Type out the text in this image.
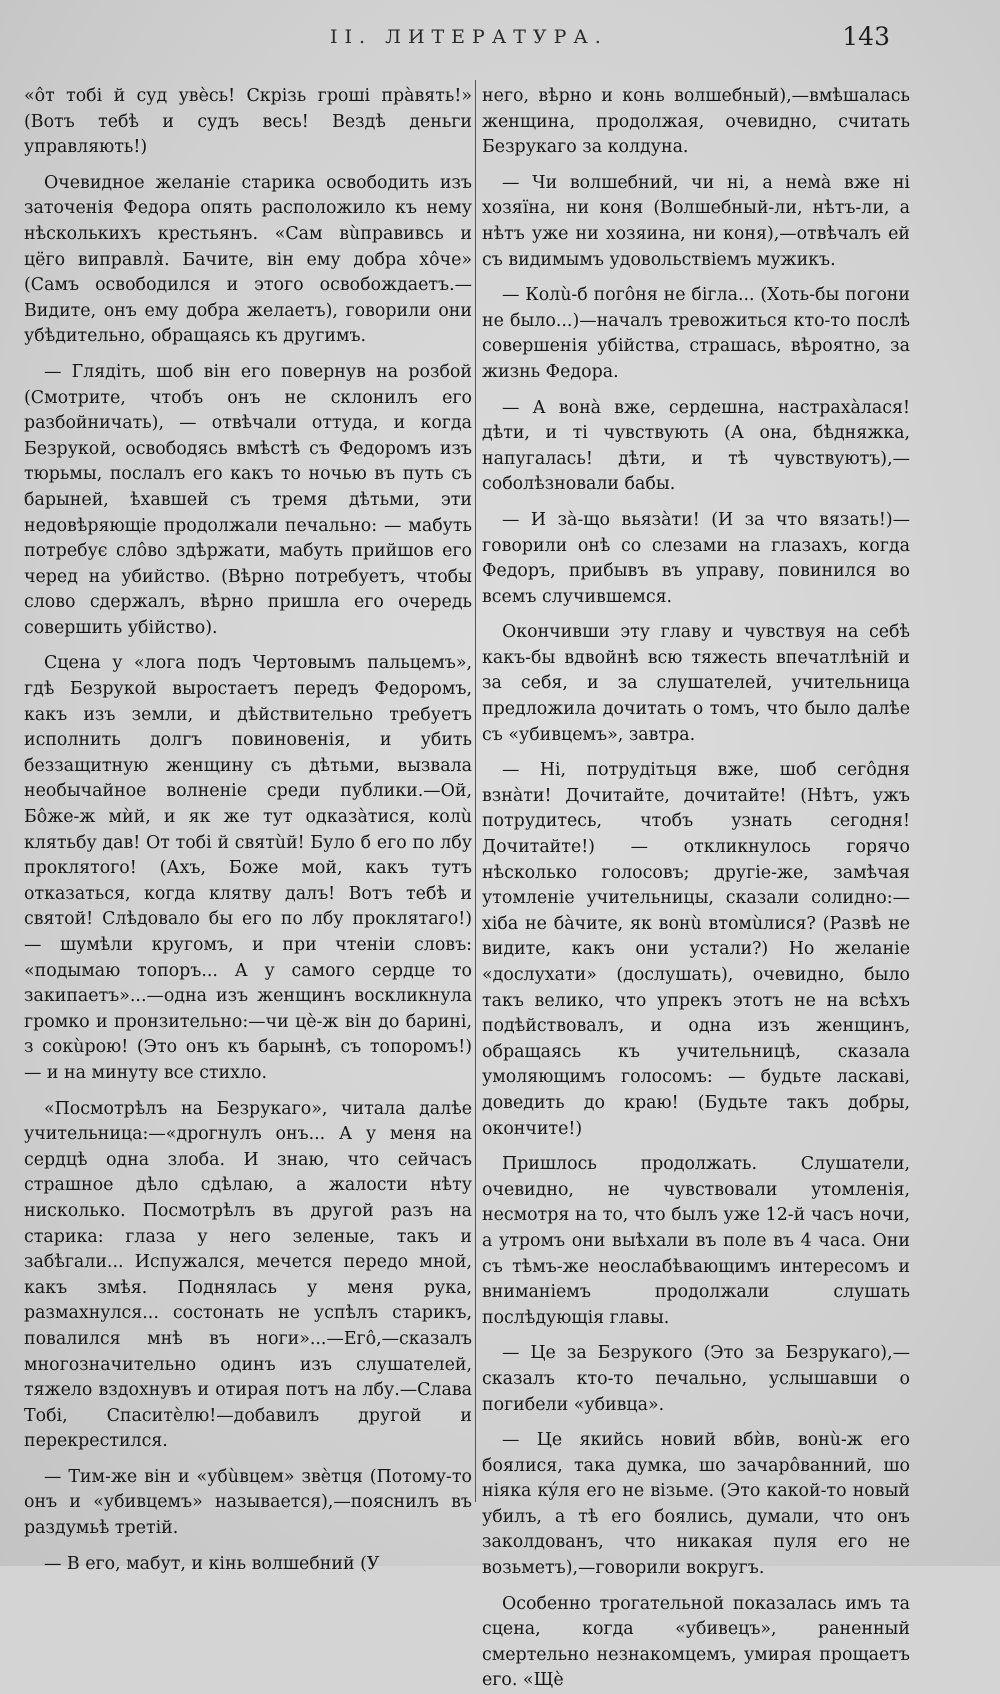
II. ЛИТЕРАТУРА.	143

«ôт тобі й суд увèсь! Скрізь гроші прàвять!» (Вотъ тебѣ и судъ весь! Вездѣ деньги управляють!)

Очевидное желаніе старика освободить изъ заточенія Федора опять расположило къ нему нѣсколькихъ крестьянъ. «Сам вùправивсь и цёго виправля̀. Бачите, він ему добра хôче» (Самъ освободился и этого освобождаетъ.—Видите, онъ ему добра желаетъ), говорили они убѣдительно, обращаясь къ другимъ.

— Глядіть, шоб він его повернув на розбой (Смотрите, чтобъ онъ не склонилъ его разбойничать), — отвѣчали оттуда, и когда Безрукой, освободясь вмѣстѣ съ Федоромъ изъ тюрьмы, послалъ его какъ то ночью въ путь съ барыней, ѣхавшей съ тремя дѣтьми, эти недовѣряющіе продолжали печально: — мабуть потребує слôво здѣржати, мабуть прийшов его черед на убийство. (Вѣрно потребуетъ, чтобы слово сдержалъ, вѣрно пришла его очередь совершить убійство).

Сцена у «лога подъ Чертовымъ пальцемъ», гдѣ Безрукой выростаетъ передъ Федоромъ, какъ изъ земли, и дѣйствительно требуетъ исполнить долгъ повиновенія, и убить беззащитную женщину съ дѣтьми, вызвала необычайное волненіе среди публики.—Ой, Бôже-ж мѝй, и як же тут одказàтися, колù клятьбу дав! От тобі й святùй! Було б его по лбу проклятого! (Ахъ, Боже мой, какъ тутъ отказаться, когда клятву далъ! Вотъ тебѣ и святой! Слѣдовало бы его по лбу проклятаго!) — шумѣли кругомъ, и при чтеніи словъ: «подымаю топоръ... А у самого сердце то закипаетъ»...—одна изъ женщинъ воскликнула громко и пронзительно:—чи цè-ж він до барині, з сокùрою! (Это онъ къ барынѣ, съ топоромъ!) — и на минуту все стихло.

«Посмотрѣлъ на Безрукаго», читала далѣе учительница:—«дрогнулъ онъ... А у меня на сердцѣ одна злоба. И знаю, что сейчасъ страшное дѣло сдѣлаю, а жалости нѣту нисколько. Посмотрѣлъ въ другой разъ на старика: глаза у него зеленые, такъ и забѣгали... Испужался, мечется передо мной, какъ змѣя. Поднялась у меня рука, размахнулся... состонать не успѣлъ старикъ, повалился мнѣ въ ноги»...—Егô,—сказалъ многозначительно одинъ изъ слушателей, тяжело вздохнувъ и отирая потъ на лбу.—Слава Тобі, Спаситèлю!—добавилъ другой и перекрестился.

— Тим-же він и «убùвцем» звèтця (Потому-то онъ и «убивцемъ» называется),—пояснилъ въ раздумьѣ третій.

— В его, мабут, и кінь волшебний (У

него, вѣрно и конь волшебный),—вмѣшалась женщина, продолжая, очевидно, считать Безрукаго за колдуна.

— Чи волшебний, чи ні, а немà вже ні хозяїна, ни коня (Волшебный-ли, нѣтъ-ли, а нѣтъ уже ни хозяина, ни коня),—отвѣчалъ ей съ видимымъ удовольствіемъ мужикъ.

— Колù-б погôня не бігла... (Хоть-бы погони не было...)—началъ тревожиться кто-то послѣ совершенія убійства, страшась, вѣроятно, за жизнь Федора.

— А вонà вже, сердешна, настрахàлася! дѣти, и ті чувствують (А она, бѣдняжка, напугалась! дѣти, и тѣ чувствуютъ),—соболѣзновали бабы.

— И зà-що вьязàти! (И за что вязать!)— говорили онѣ со слезами на глазахъ, когда Федоръ, прибывъ въ управу, повинился во всемъ случившемся.

Окончивши эту главу и чувствуя на себѣ какъ-бы вдвойнѣ всю тяжесть впечатлѣній и за себя, и за слушателей, учительница предложила дочитать о томъ, что было далѣе съ «убивцемъ», завтра.

— Ні, потрудітьця вже, шоб сегôдня взнàти! Дочитайте, дочитайте! (Нѣтъ, ужъ потрудитесь, чтобъ узнать сегодня! Дочитайте!) — откликнулось горячо нѣсколько голосовъ; другіе-же, замѣчая утомленіе учительницы, сказали солидно:—хіба не бàчите, як вонù втомùлися? (Развѣ не видите, какъ они устали?) Но желаніе «дослухати» (дослушать), очевидно, было такъ велико, что упрекъ этотъ не на всѣхъ подѣйствовалъ, и одна изъ женщинъ, обращаясь къ учительницѣ, сказала умоляющимъ голосомъ: — будьте ласкаві, доведить до краю! (Будьте такъ добры, окончите!)

Пришлось продолжать. Слушатели, очевидно, не чувствовали утомленія, несмотря на то, что былъ уже 12-й часъ ночи, а утромъ они выѣхали въ поле въ 4 часа. Они съ тѣмъ-же неослабѣвающимъ интересомъ и вниманіемъ продолжали слушать послѣдующія главы.

— Це за Безрукого (Это за Безрукаго),— сказалъ кто-то печально, услышавши о погибели «убивца».

— Це якийсь новий вбѝв, вонù-ж его боялися, така думка, шо зачарôванний, шо ніяка кýля его не візьме. (Это какой-то новый убилъ, а тѣ его боялись, думали, что онъ заколдованъ, что никакая пуля его не возьметъ),—говорили вокругъ.

Особенно трогательной показалась имъ та сцена, когда «убивецъ», раненный смертельно незнакомцемъ, умирая прощаетъ его. «Щè
